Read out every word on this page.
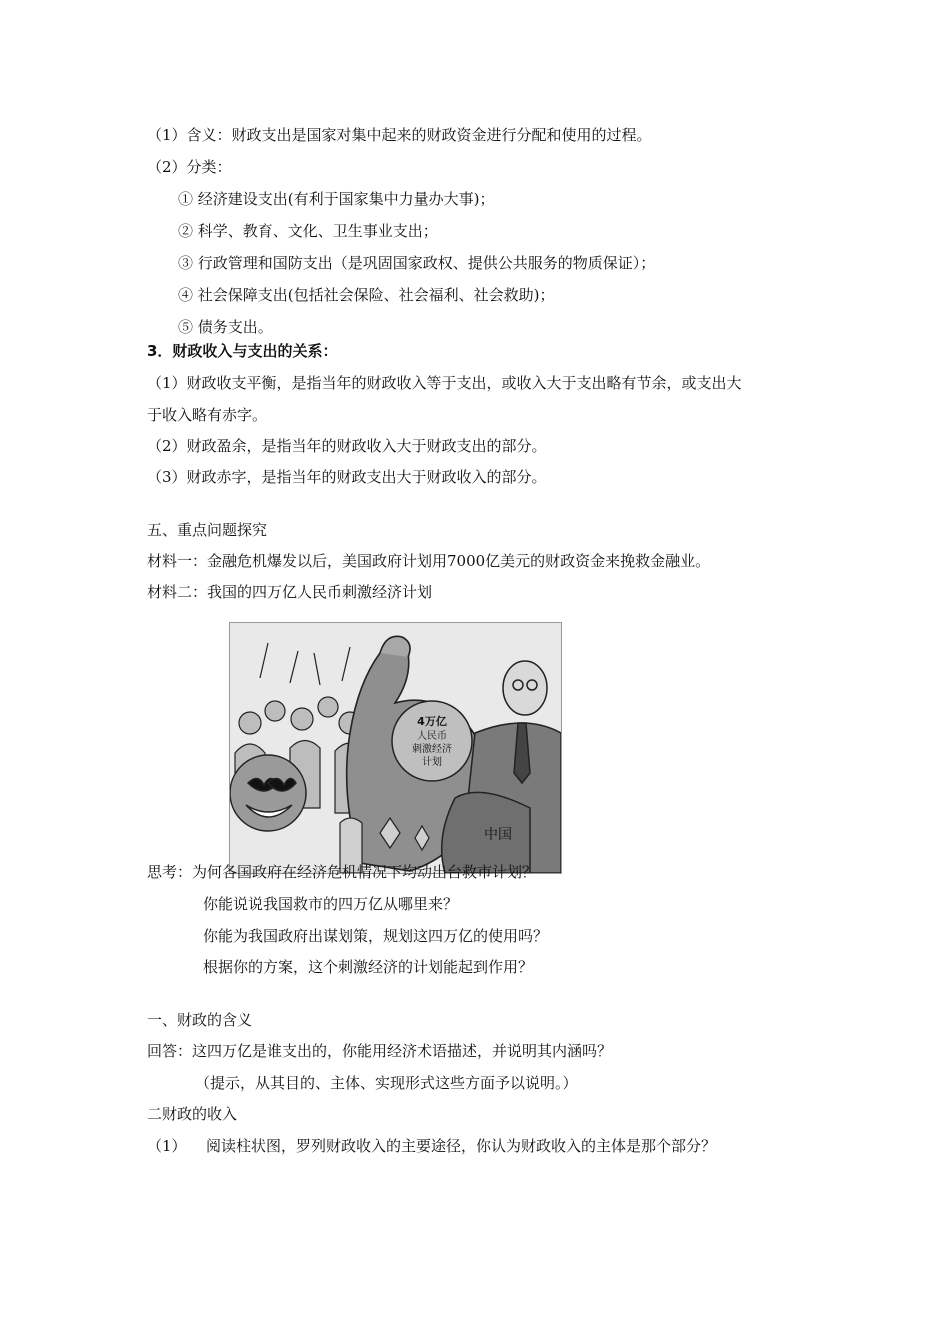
（1）含义：财政支出是国家对集中起来的财政资金进行分配和使用的过程。
（2）分类：
① 经济建设支出(有利于国家集中力量办大事)；
② 科学、教育、文化、卫生事业支出；
③ 行政管理和国防支出（是巩固国家政权、提供公共服务的物质保证）；
④ 社会保障支出(包括社会保险、社会福利、社会救助)；
⑤ 债务支出。
3．财政收入与支出的关系：
（1）财政收支平衡，是指当年的财政收入等于支出，或收入大于支出略有节余，或支出大
于收入略有赤字。
（2）财政盈余，是指当年的财政收入大于财政支出的部分。
（3）财政赤字，是指当年的财政支出大于财政收入的部分。
五、重点问题探究
材料一：金融危机爆发以后，美国政府计划用7000亿美元的财政资金来挽救金融业。
材料二：我国的四万亿人民币刺激经济计划
4万亿
人民币
刺激经济
计划
中国
思考：为何各国政府在经济危机情况下均动出台救市计划？
你能说说我国救市的四万亿从哪里来？
你能为我国政府出谋划策，规划这四万亿的使用吗？
根据你的方案，这个刺激经济的计划能起到作用？
一、财政的含义
回答：这四万亿是谁支出的，你能用经济术语描述，并说明其内涵吗？
（提示，从其目的、主体、实现形式这些方面予以说明。）
二财政的收入
（1） 阅读柱状图，罗列财政收入的主要途径，你认为财政收入的主体是那个部分？
